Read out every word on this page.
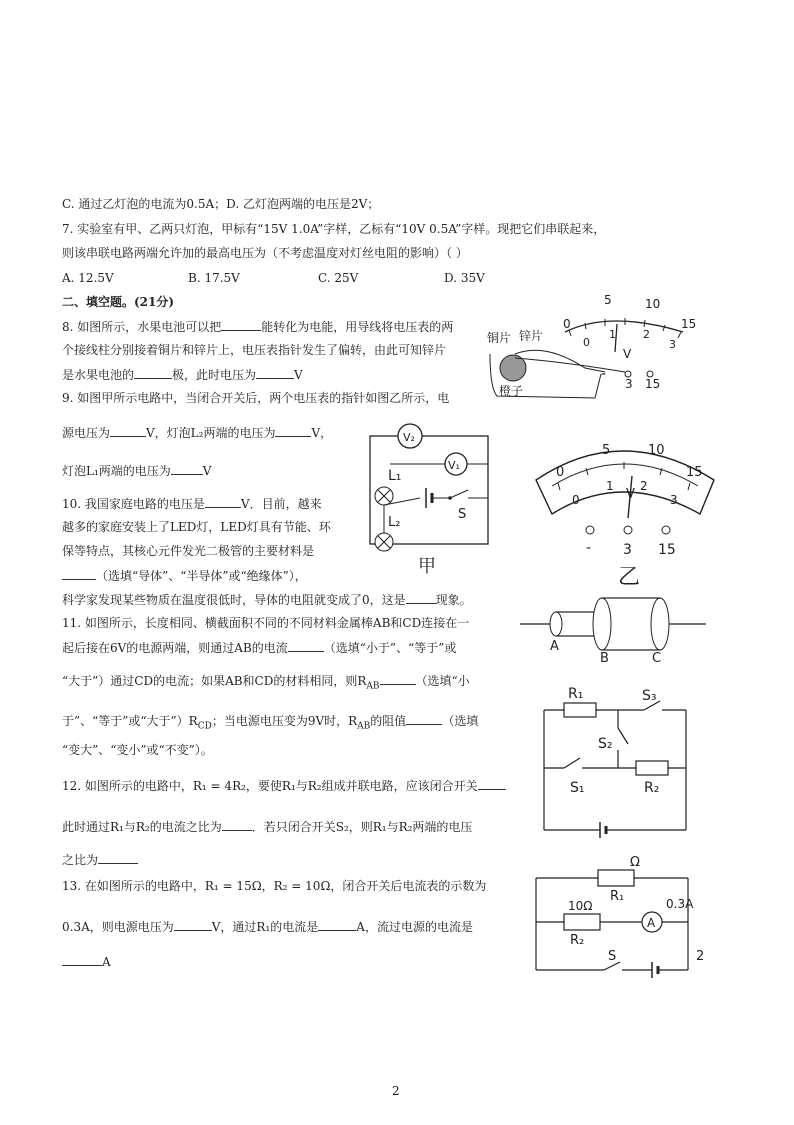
C. 通过乙灯泡的电流为0.5A；D. 乙灯泡两端的电压是2V；
7. 实验室有甲、乙两只灯泡，甲标有“15V 1.0A”字样，乙标有“10V 0.5A”字样。现把它们串联起来，
则该串联电路两端允许加的最高电压为（不考虑温度对灯丝电阻的影响）（ ）
A. 12.5V	B. 17.5V	C. 25V	D. 35V
二、填空题。(21分)
8. 如图所示，水果电池可以把	能转化为电能，用导线将电压表的两
个接线柱分别接着铜片和锌片上，电压表指针发生了偏转，由此可知锌片
是水果电池的	极，此时电压为	V
0
5	10
15
0
1 2
3
V
-
3 15
铜片 锌片
橙子
9. 如图甲所示电路中，当闭合开关后，两个电压表的指针如图乙所示，电
源电压为	V，灯泡L₂两端的电压为	V，
灯泡L₁两端的电压为	V
V₂
V₁
L₁
L₂
S
甲
0
5	10
15
0
1 2
3
V
- 3 15
乙
10. 我国家庭电路的电压是	V．目前，越来
越多的家庭安装上了LED灯，LED灯具有节能、环
保等特点，其核心元件发光二极管的主要材料是
（选填“导体”、“半导体”或“绝缘体”），
科学家发现某些物质在温度很低时，导体的电阻就变成了0，这是	现象。
A
B	C
11. 如图所示，长度相同、横截面积不同的不同材料金属棒AB和CD连接在一
起后接在6V的电源两端，则通过AB的电流	（选填“小于”、“等于”或
“大于”）通过CD的电流；如果AB和CD的材料相同，则$R_{AB}$	（选填“小
于”、“等于”或“大于$”)R_{CD}$；当电源电压变为9V时，$R_{AB}$的阻值	（选填
“变大”、“变小”或“不变”）。
R₁	S₃
S₂
S₁	R₂
12. 如图所示的电路中，R₁ = 4R₂，要使R₁与R₂组成并联电路，应该闭合开关
此时通过R₁与R₂的电流之比为	．若只闭合开关S₂，则R₁与R₂两端的电压
之比为
13. 在如图所示的电路中，R₁ = 15Ω，R₂ = 10Ω，闭合开关后电流表的示数为
0.3A，则电源电压为	V，通过R₁的电流是	A，流过电源的电流是
A
A
Ω
R₁	0.3A
10Ω
R₂
S	2
2
